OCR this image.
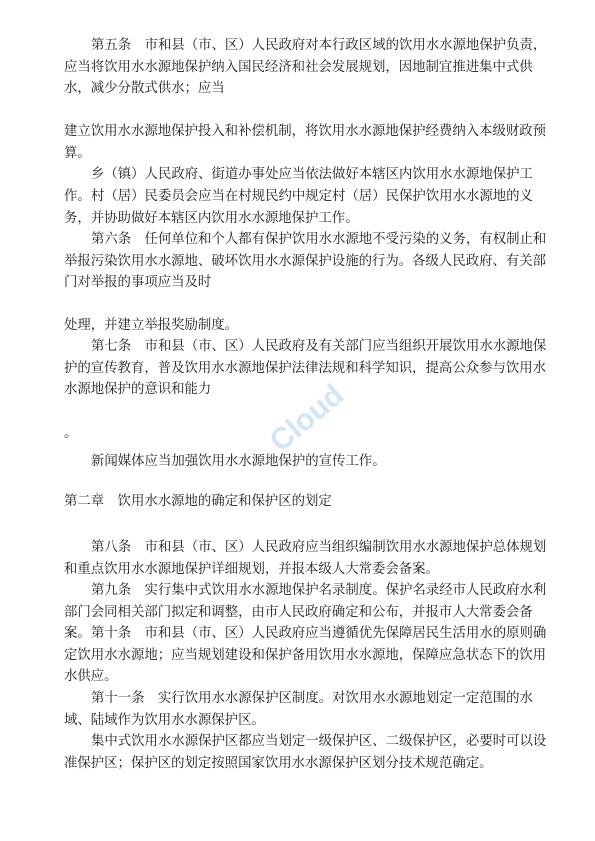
第五条　市和县（市、区）人民政府对本行政区域的饮用水水源地保护负责，应当将饮用水水源地保护纳入国民经济和社会发展规划，因地制宜推进集中式供水，减少分散式供水；应当

建立饮用水水源地保护投入和补偿机制，将饮用水水源地保护经费纳入本级财政预算。

乡（镇）人民政府、街道办事处应当依法做好本辖区内饮用水水源地保护工作。 村（居）民委员会应当在村规民约中规定村（居）民保护饮用水水源地的义务，并协助做好本辖区内饮用水水源地保护工作。

第六条　任何单位和个人都有保护饮用水水源地不受污染的义务，有权制止和举报污染饮用水水源地、破坏饮用水水源保护设施的行为。各级人民政府、有关部门对举报的事项应当及时

处理，并建立举报奖励制度。

第七条　市和县（市、区）人民政府及有关部门应当组织开展饮用水水源地保护的宣传教育，普及饮用水水源地保护法律法规和科学知识，提高公众参与饮用水水源地保护的意识和能力

。

新闻媒体应当加强饮用水水源地保护的宣传工作。

第二章　饮用水水源地的确定和保护区的划定

第八条　市和县（市、区）人民政府应当组织编制饮用水水源地保护总体规划和重点饮用水水源地保护详细规划，并报本级人大常委会备案。

第九条　实行集中式饮用水水源地保护名录制度。保护名录经市人民政府水利部门会同相关部门拟定和调整，由市人民政府确定和公布，并报市人大常委会备案。 第十条　市和县（市、区）人民政府应当遵循优先保障居民生活用水的原则确定饮用水水源地；应当规划建设和保护备用饮用水水源地，保障应急状态下的饮用水供应。

第十一条　实行饮用水水源保护区制度。对饮用水水源地划定一定范围的水域、陆域作为饮用水水源保护区。

集中式饮用水水源保护区都应当划定一级保护区、二级保护区，必要时可以设准保护区；保护区的划定按照国家饮用水水源保护区划分技术规范确定。

Cloud
